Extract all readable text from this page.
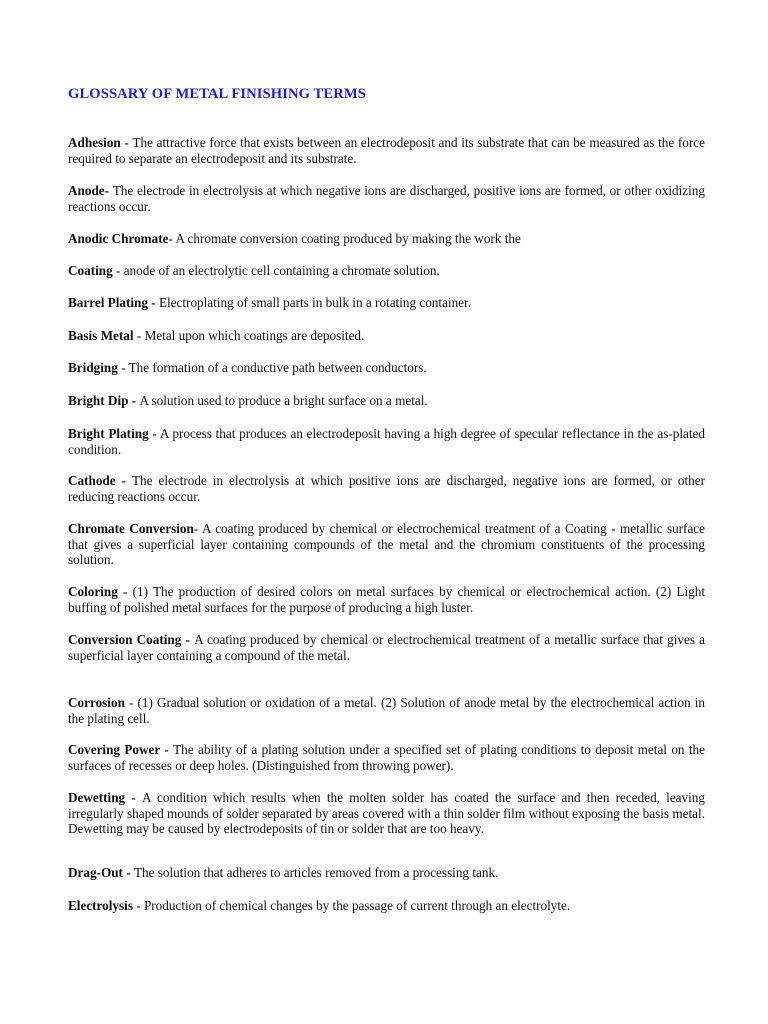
GLOSSARY OF METAL FINISHING TERMS
Adhesion - The attractive force that exists between an electrodeposit and its substrate that can be measured as the force required to separate an electrodeposit and its substrate.
Anode- The electrode in electrolysis at which negative ions are discharged, positive ions are formed, or other oxidizing reactions occur.
Anodic Chromate- A chromate conversion coating produced by making the work the
Coating - anode of an electrolytic cell containing a chromate solution.
Barrel Plating - Electroplating of small parts in bulk in a rotating container.
Basis Metal - Metal upon which coatings are deposited.
Bridging - The formation of a conductive path between conductors.
Bright Dip - A solution used to produce a bright surface on a metal.
Bright Plating - A process that produces an electrodeposit having a high degree of specular reflectance in the as-plated condition.
Cathode - The electrode in electrolysis at which positive ions are discharged, negative ions are formed, or other reducing reactions occur.
Chromate Conversion- A coating produced by chemical or electrochemical treatment of a Coating - metallic surface that gives a superficial layer containing compounds of the metal and the chromium constituents of the processing solution.
Coloring - (1) The production of desired colors on metal surfaces by chemical or electrochemical action. (2) Light buffing of polished metal surfaces for the purpose of producing a high luster.
Conversion Coating - A coating produced by chemical or electrochemical treatment of a metallic surface that gives a superficial layer containing a compound of the metal.
Corrosion - (1) Gradual solution or oxidation of a metal. (2) Solution of anode metal by the electrochemical action in the plating cell.
Covering Power - The ability of a plating solution under a specified set of plating conditions to deposit metal on the surfaces of recesses or deep holes. (Distinguished from throwing power).
Dewetting - A condition which results when the molten solder has coated the surface and then receded, leaving irregularly shaped mounds of solder separated by areas covered with a thin solder film without exposing the basis metal. Dewetting may be caused by electrodeposits of tin or solder that are too heavy.
Drag-Out - The solution that adheres to articles removed from a processing tank.
Electrolysis - Production of chemical changes by the passage of current through an electrolyte.
